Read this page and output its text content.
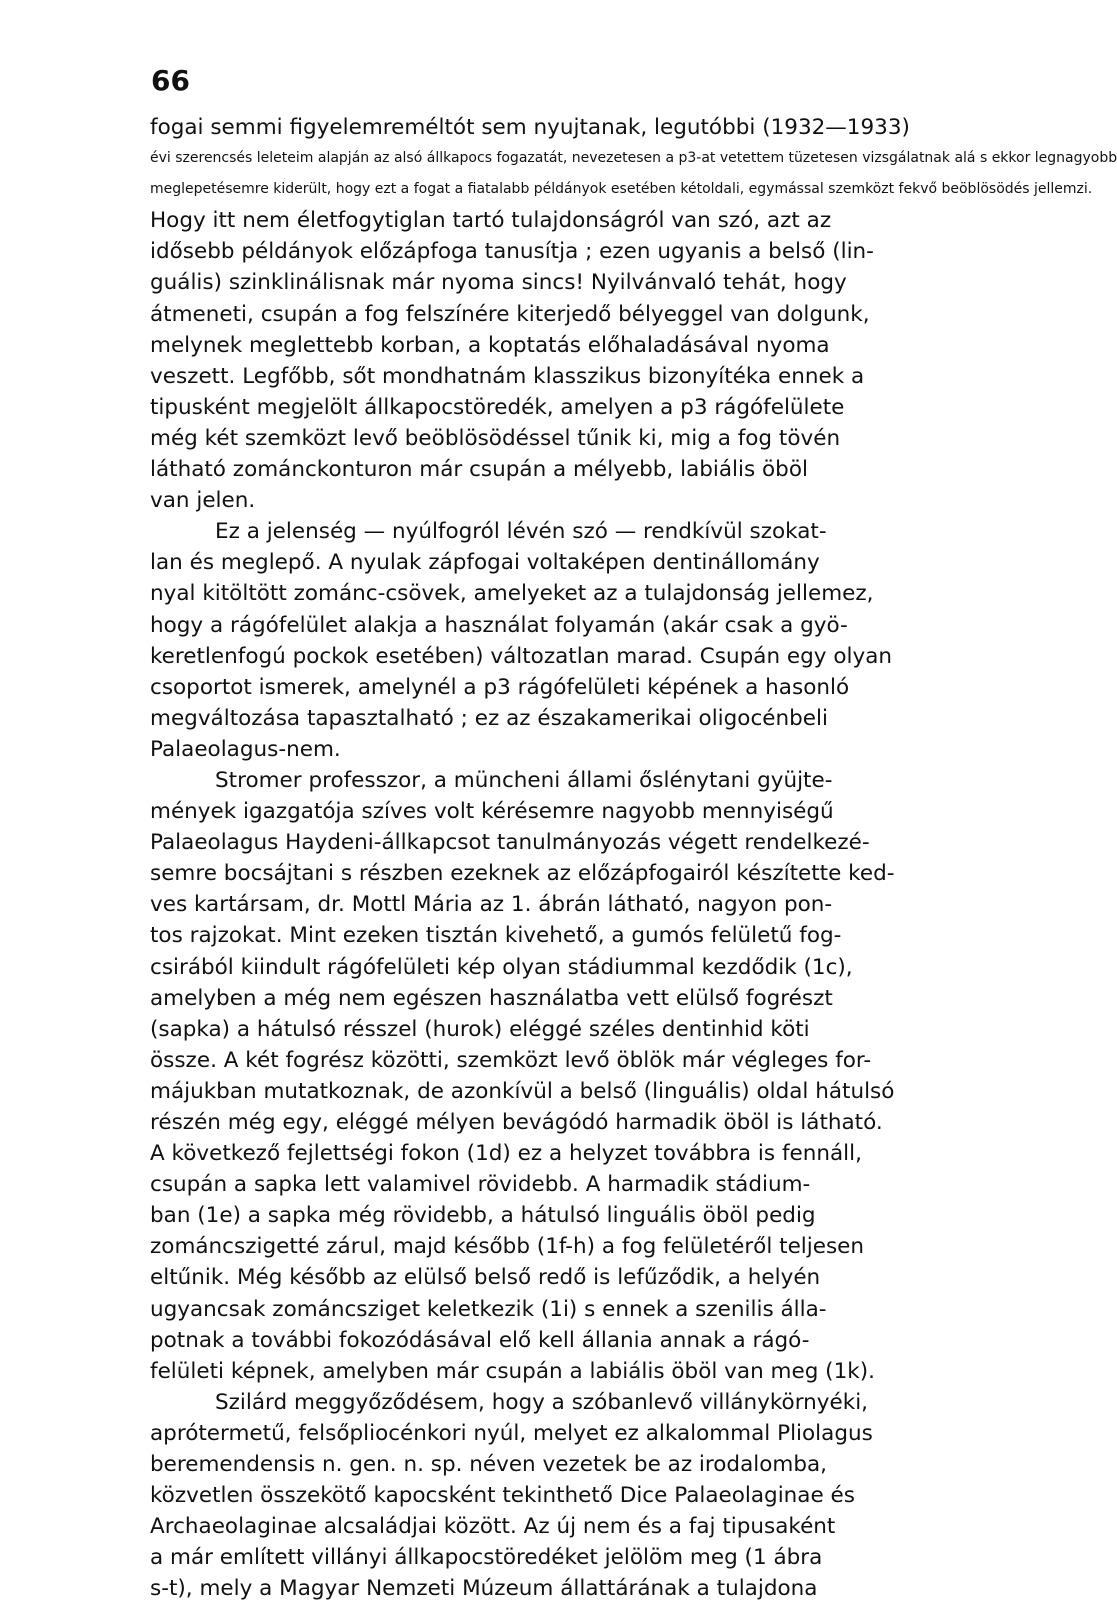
66
fogai semmi figyelemreméltót sem nyujtanak, legutóbbi (1932—1933)
évi szerencsés leleteim alapján az alsó állkapocs fogazatát, nevezetesen a p3-at vetettem tüzetesen vizsgálatnak alá s ekkor legnagyobb
meglepetésemre kiderült, hogy ezt a fogat a fiatalabb példányok esetében kétoldali, egymással szemközt fekvő beöblösödés jellemzi.
Hogy itt nem életfogytiglan tartó tulajdonságról van szó, azt az
idősebb példányok előzápfoga tanusítja ; ezen ugyanis a belső (lin-
guális) szinklinálisnak már nyoma sincs! Nyilvánvaló tehát, hogy
átmeneti, csupán a fog felszínére kiterjedő bélyeggel van dolgunk,
melynek meglettebb korban, a koptatás előhaladásával nyoma
veszett. Legfőbb, sőt mondhatnám klasszikus bizonyítéka ennek a
tipusként megjelölt állkapocstöredék, amelyen a p3 rágófelülete
még két szemközt levő beöblösödéssel tűnik ki, mig a fog tövén
látható zománckonturon már csupán a mélyebb, labiális öböl
van jelen.
Ez a jelenség — nyúlfogról lévén szó — rendkívül szokat-
lan és meglepő. A nyulak zápfogai voltaképen dentinállomány
nyal kitöltött zománc-csövek, amelyeket az a tulajdonság jellemez,
hogy a rágófelület alakja a használat folyamán (akár csak a gyö-
keretlenfogú pockok esetében) változatlan marad. Csupán egy olyan
csoportot ismerek, amelynél a p3 rágófelületi képének a hasonló
megváltozása tapasztalható ; ez az északamerikai oligocénbeli
Palaeolagus-nem.
Stromer professzor, a müncheni állami őslénytani gyüjte-
mények igazgatója szíves volt kérésemre nagyobb mennyiségű
Palaeolagus Haydeni-állkapcsot tanulmányozás végett rendelkezé-
semre bocsájtani s részben ezeknek az előzápfogairól készítette ked-
ves kartársam, dr. Mottl Mária az 1. ábrán látható, nagyon pon-
tos rajzokat. Mint ezeken tisztán kivehető, a gumós felületű fog-
csirából kiindult rágófelületi kép olyan stádiummal kezdődik (1c),
amelyben a még nem egészen használatba vett elülső fogrészt
(sapka) a hátulsó résszel (hurok) eléggé széles dentinhid köti
össze. A két fogrész közötti, szemközt levő öblök már végleges for-
májukban mutatkoznak, de azonkívül a belső (linguális) oldal hátulsó
részén még egy, eléggé mélyen bevágódó harmadik öböl is látható.
A következő fejlettségi fokon (1d) ez a helyzet továbbra is fennáll,
csupán a sapka lett valamivel rövidebb. A harmadik stádium-
ban (1e) a sapka még rövidebb, a hátulsó linguális öböl pedig
zománcszigetté zárul, majd később (1f-h) a fog felületéről teljesen
eltűnik. Még később az elülső belső redő is lefűződik, a helyén
ugyancsak zománcsziget keletkezik (1i) s ennek a szenilis álla-
potnak a további fokozódásával elő kell állania annak a rágó-
felületi képnek, amelyben már csupán a labiális öböl van meg (1k).
Szilárd meggyőződésem, hogy a szóbanlevő villánykörnyéki,
aprótermetű, felsőpliocénkori nyúl, melyet ez alkalommal Pliolagus
beremendensis n. gen. n. sp. néven vezetek be az irodalomba,
közvetlen összekötő kapocsként tekinthető Dice Palaeolaginae és
Archaeolaginae alcsaládjai között. Az új nem és a faj tipusaként
a már említett villányi állkapocstöredéket jelölöm meg (1 ábra
s-t), mely a Magyar Nemzeti Múzeum állattárának a tulajdona
